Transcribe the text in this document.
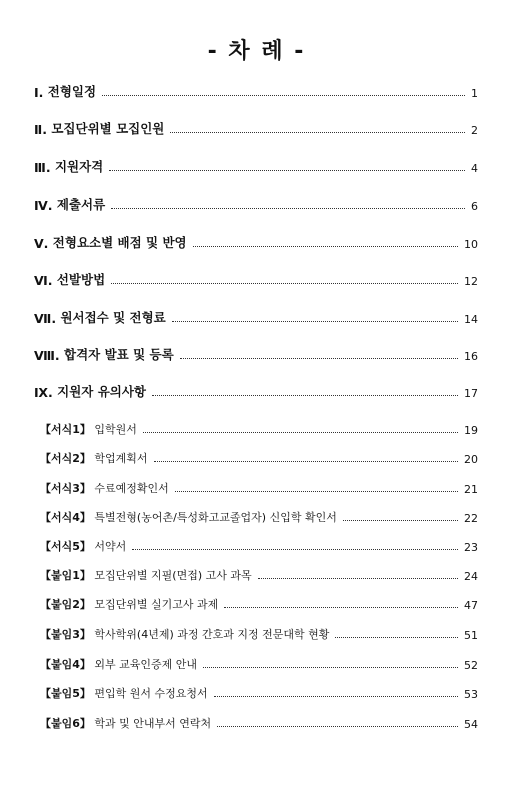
- 차 례 -
Ⅰ.
전형일정	1
Ⅱ.
모집단위별 모집인원	2
Ⅲ.
지원자격	4
Ⅳ.
제출서류	6
Ⅴ.
전형요소별 배점 및 반영	10
Ⅵ.
선발방법	12
Ⅶ.
원서접수 및 전형료	14
Ⅷ.
합격자 발표 및 등록	16
Ⅸ.
지원자 유의사항	17
【서식1】
입학원서	19
【서식2】
학업계획서	20
【서식3】
수료예정확인서	21
【서식4】
특별전형(농어촌/특성화고교졸업자) 신입학 확인서	22
【서식5】
서약서	23
【붙임1】
모집단위별 지필(면접) 고사 과목	24
【붙임2】
모집단위별 실기고사 과제	47
【붙임3】
학사학위(4년제) 과정 간호과 지정 전문대학 현황	51
【붙임4】
외부 교육인증제 안내	52
【붙임5】
편입학 원서 수정요청서	53
【붙임6】
학과 및 안내부서 연락처	54
